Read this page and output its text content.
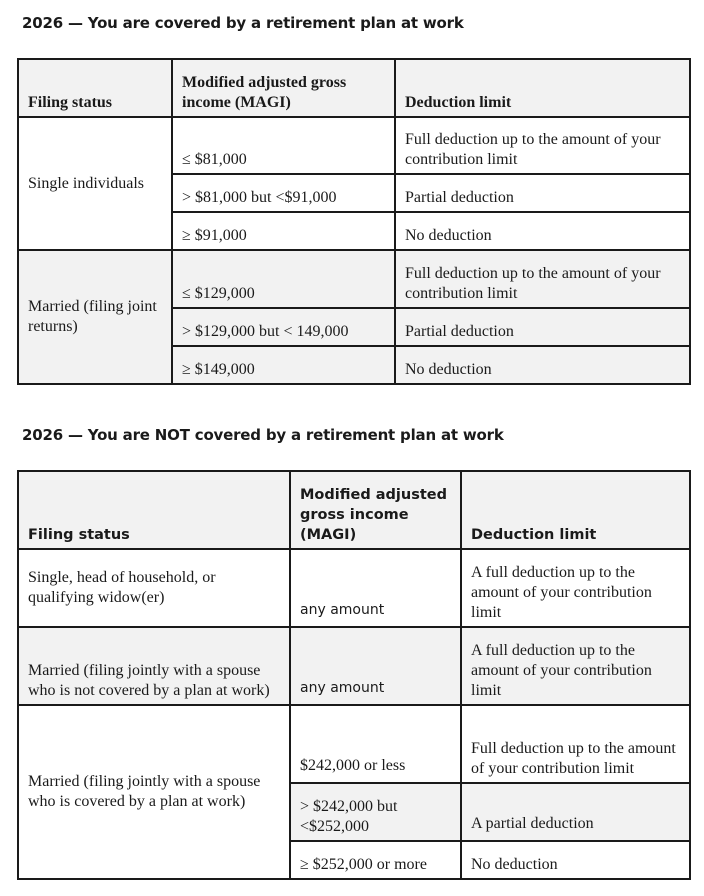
2026 — You are covered by a retirement plan at work
Filing status	Modified adjusted gross income (MAGI)	Deduction limit
Single individuals	≤ $81,000	Full deduction up to the amount of your contribution limit
	> $81,000 but <$91,000	Partial deduction
	≥ $91,000	No deduction
Married (filing joint returns)	≤ $129,000	Full deduction up to the amount of your contribution limit
	> $129,000 but < 149,000	Partial deduction
	≥ $149,000	No deduction
2026 — You are NOT covered by a retirement plan at work
Filing status	Modified adjusted gross income (MAGI)	Deduction limit
Single, head of household, or qualifying widow(er)	any amount	A full deduction up to the amount of your contribution limit
Married (filing jointly with a spouse who is not covered by a plan at work)	any amount	A full deduction up to the amount of your contribution limit
Married (filing jointly with a spouse who is covered by a plan at work)	$242,000 or less	Full deduction up to the amount of your contribution limit
	> $242,000 but <$252,000	A partial deduction
	≥ $252,000 or more	No deduction
